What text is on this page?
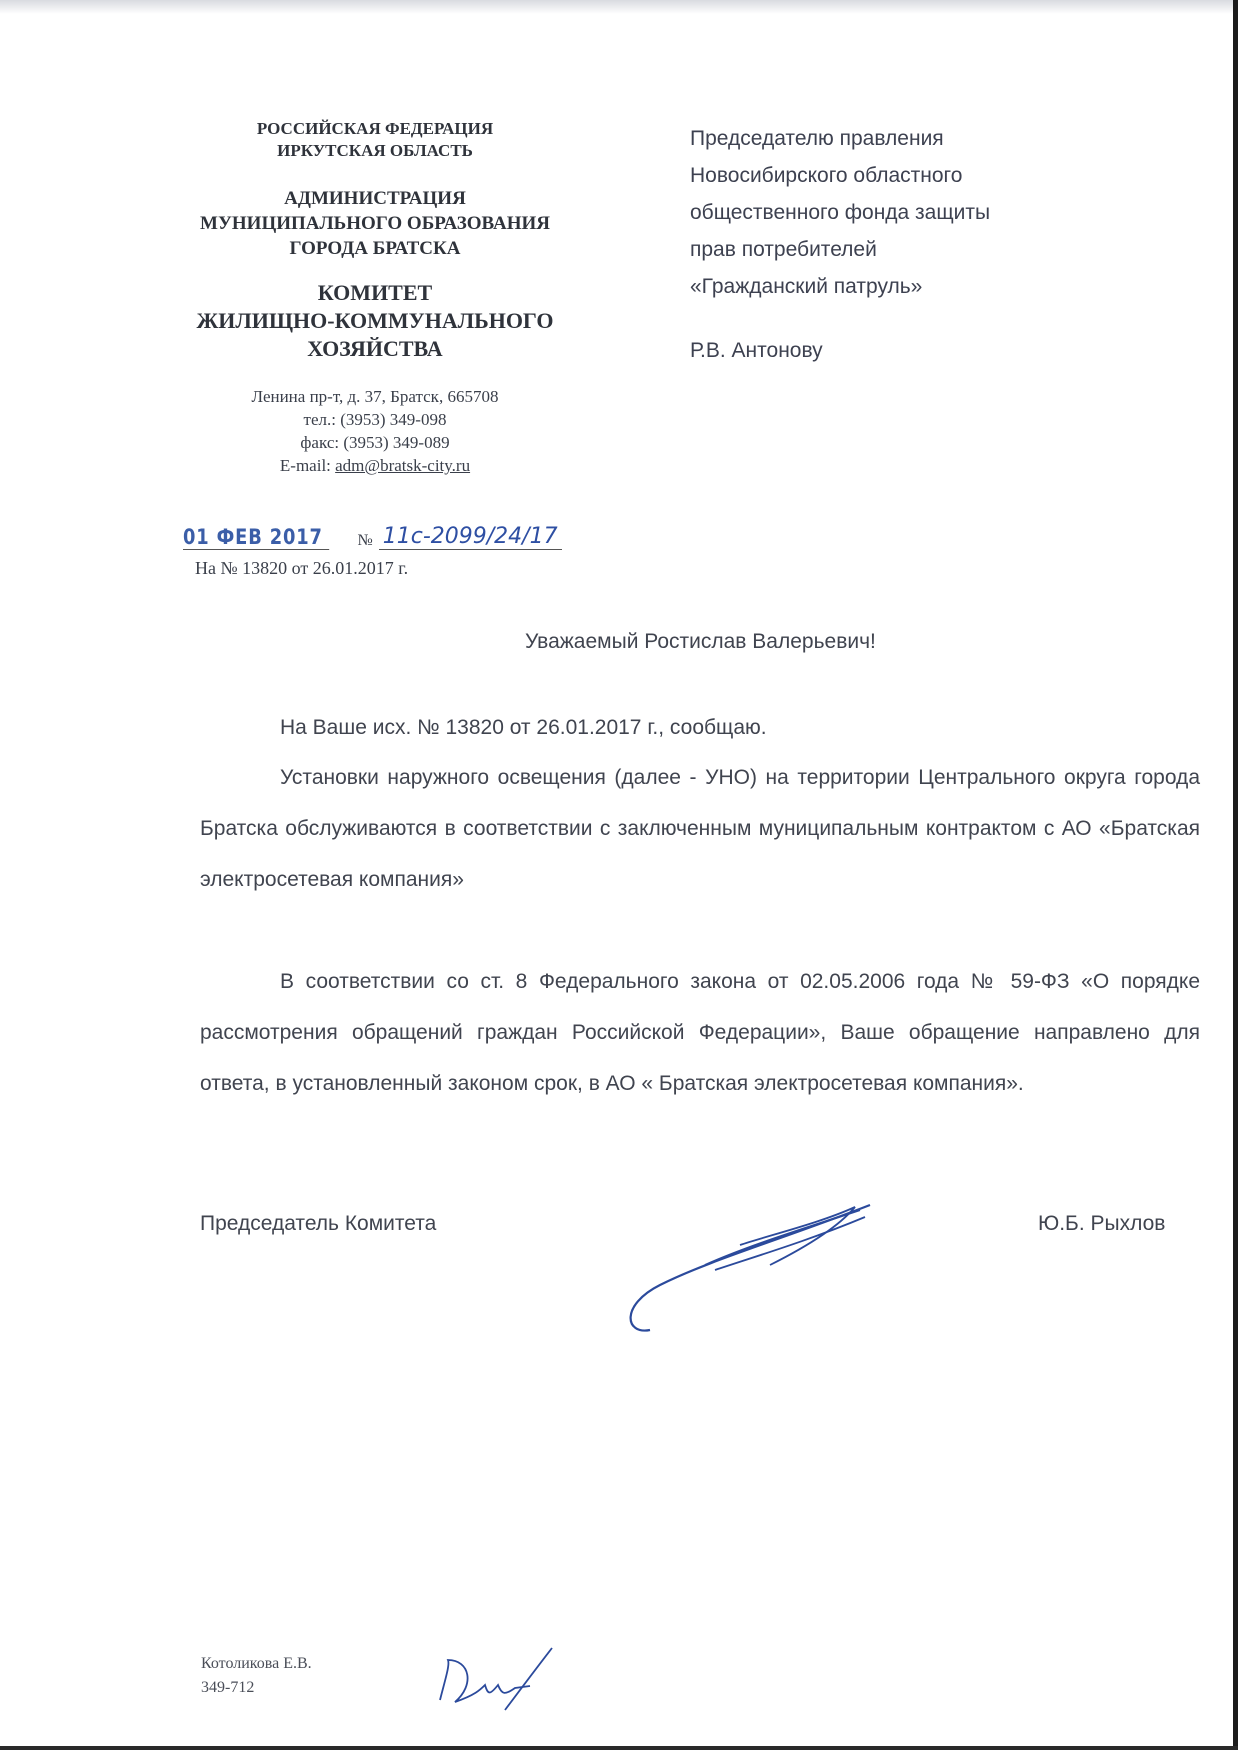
РОССИЙСКАЯ ФЕДЕРАЦИЯ
ИРКУТСКАЯ ОБЛАСТЬ
АДМИНИСТРАЦИЯ
МУНИЦИПАЛЬНОГО ОБРАЗОВАНИЯ
ГОРОДА БРАТСКА
КОМИТЕТ
ЖИЛИЩНО-КОММУНАЛЬНОГО
ХОЗЯЙСТВА
Ленина пр-т, д. 37, Братск, 665708
тел.: (3953) 349-098
факс: (3953) 349-089
E-mail: adm@bratsk-city.ru
01 ФЕВ 2017	№ 11с-2099/24/17
На № 13820 от 26.01.2017 г.
Председателю правления
Новосибирского областного
общественного фонда защиты
прав потребителей
«Гражданский патруль»
Р.В. Антонову
Уважаемый Ростислав Валерьевич!
На Ваше исх. № 13820 от 26.01.2017 г., сообщаю.
Установки наружного освещения (далее - УНО) на территории Центрального округа города Братска обслуживаются в соответствии с заключенным муниципальным контрактом с АО «Братская электросетевая компания»
В соответствии со ст. 8 Федерального закона от 02.05.2006 года № 59-ФЗ «О порядке рассмотрения обращений граждан Российской Федерации», Ваше обращение направлено для ответа, в установленный законом срок, в АО « Братская электросетевая компания».
Председатель Комитета	Ю.Б. Рыхлов
Котоликова Е.В.
349-712
